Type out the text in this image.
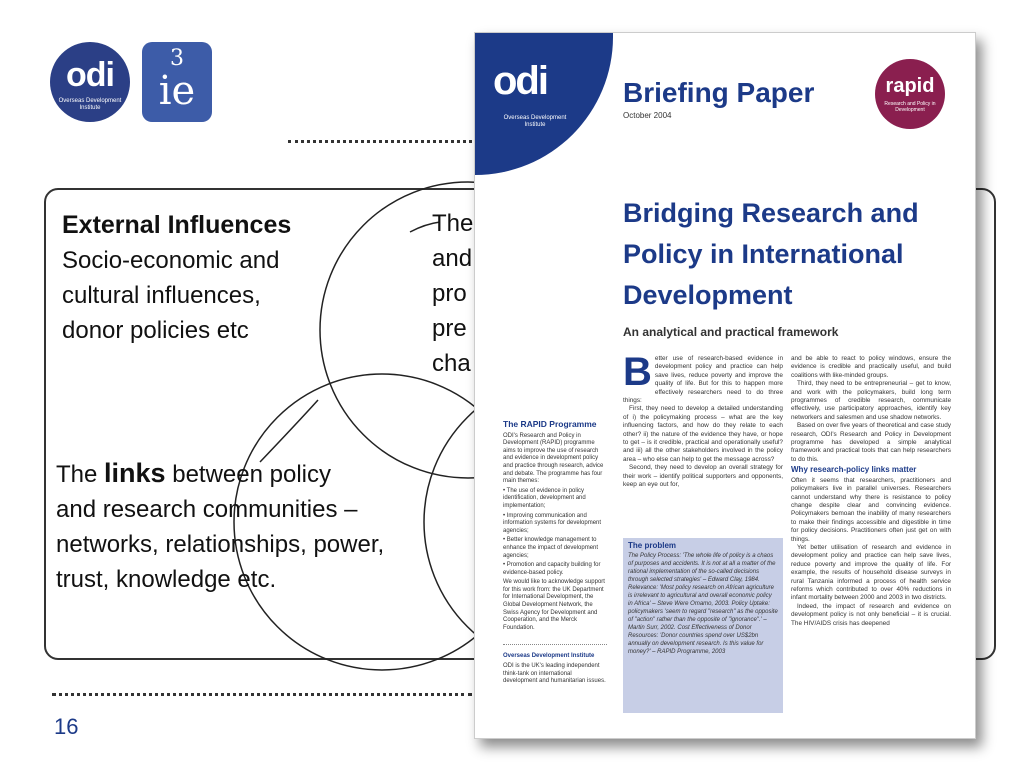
odi
Overseas Development Institute
3
ie
External Influences
Socio-economic and
cultural influences,
donor policies etc
The
and
pro
pre
cha
The links between policy
and research communities –
networks, relationships, power,
trust, knowledge etc.
16
odi
Overseas Development Institute
Briefing Paper
October 2004
rapid
Research and Policy in Development
Bridging Research and Policy in International Development
An analytical and practical framework
The RAPID Programme

ODI's Research and Policy in Development (RAPID) programme aims to improve the use of research and evidence in development policy and practice through research, advice and debate. The programme has four main themes:

• The use of evidence in policy identification, development and implementation;

• Improving communication and information systems for development agencies;

• Better knowledge management to enhance the impact of development agencies;

• Promotion and capacity building for evidence-based policy.

We would like to acknowledge support for this work from: the UK Department for International Development, the Global Development Network, the Swiss Agency for Development and Cooperation, and the Merck Foundation.

Overseas Development Institute

ODI is the UK's leading independent think-tank on international development and humanitarian issues.

B etter use of research-based evidence in development policy and practice can help save lives, reduce poverty and improve the quality of life. But for this to happen more effectively researchers need to do three things:
First, they need to develop a detailed understanding of i) the policymaking process – what are the key influencing factors, and how do they relate to each other? ii) the nature of the evidence they have, or hope to get – is it credible, practical and operationally useful? and iii) all the other stakeholders involved in the policy area – who else can help to get the message across?
Second, they need to develop an overall strategy for their work – identify political supporters and opponents, keep an eye out for,
The problem
The Policy Process: 'The whole life of policy is a chaos of purposes and accidents. It is not at all a matter of the rational implementation of the so-called decisions through selected strategies' – Edward Clay, 1984. Relevance: 'Most policy research on African agriculture is irrelevant to agricultural and overall economic policy in Africa' – Steve Were Omamo, 2003. Policy Uptake: policymakers 'seem to regard "research" as the opposite of "action" rather than the opposite of "ignorance".' – Martin Surr, 2002. Cost Effectiveness of Donor Resources: 'Donor countries spend over US$2bn annually on development research. Is this value for money?' – RAPID Programme, 2003
and be able to react to policy windows, ensure the evidence is credible and practically useful, and build coalitions with like-minded groups.
Third, they need to be entrepreneurial – get to know, and work with the policymakers, build long term programmes of credible research, communicate effectively, use participatory approaches, identify key networkers and salesmen and use shadow networks.
Based on over five years of theoretical and case study research, ODI's Research and Policy in Development programme has developed a simple analytical framework and practical tools that can help researchers to do this.
Why research-policy links matter
Often it seems that researchers, practitioners and policymakers live in parallel universes. Researchers cannot understand why there is resistance to policy change despite clear and convincing evidence. Policymakers bemoan the inability of many researchers to make their findings accessible and digestible in time for policy decisions. Practitioners often just get on with things.
Yet better utilisation of research and evidence in development policy and practice can help save lives, reduce poverty and improve the quality of life. For example, the results of household disease surveys in rural Tanzania informed a process of health service reforms which contributed to over 40% reductions in infant mortality between 2000 and 2003 in two districts.
Indeed, the impact of research and evidence on development policy is not only beneficial – it is crucial. The HIV/AIDS crisis has deepened
